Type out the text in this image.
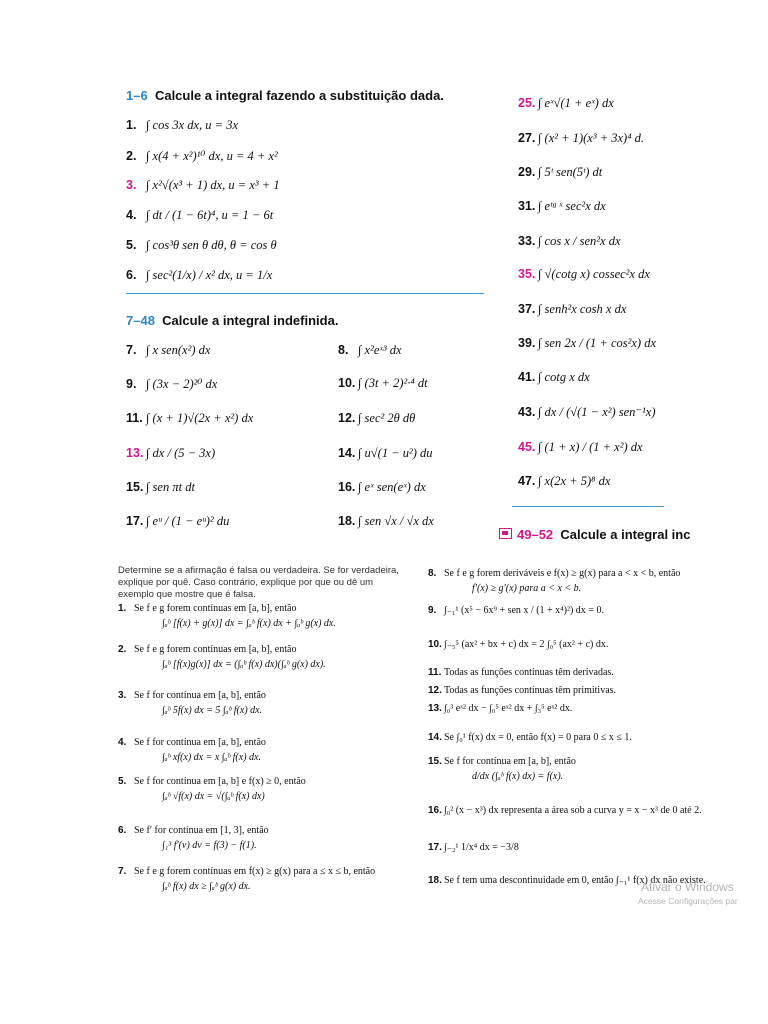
1–6 Calcule a integral fazendo a substituição dada.
1. ∫ cos 3x dx, u = 3x
2. ∫ x(4 + x²)¹⁰ dx, u = 4 + x²
3. ∫ x²√(x³ + 1) dx, u = x³ + 1
4. ∫ dt / (1 − 6t)⁴, u = 1 − 6t
5. ∫ cos³θ sen θ dθ, θ = cos θ
6. ∫ sec²(1/x) / x² dx, u = 1/x
7–48 Calcule a integral indefinida.
7. ∫ x sen(x²) dx
9. ∫ (3x − 2)²⁰ dx
11. ∫ (x + 1)√(2x + x²) dx
13. ∫ dx / (5 − 3x)
15. ∫ sen πt dt
17. ∫ eᵘ / (1 − eᵘ)² du
8. ∫ x²eˣ³ dx
10. ∫ (3t + 2)²·⁴ dt
12. ∫ sec² 2θ dθ
14. ∫ u√(1 − u²) du
16. ∫ eˣ sen(eˣ) dx
18. ∫ sen √x / √x dx
25. ∫ eˣ√(1 + eˣ) dx
27. ∫ (x² + 1)(x³ + 3x)⁴ d.
29. ∫ 5ᵗ sen(5ᵗ) dt
31. ∫ eᵗᵍ ˣ sec²x dx
33. ∫ cos x / sen²x dx
35. ∫ √(cotg x) cossec²x dx
37. ∫ senh²x cosh x dx
39. ∫ sen 2x / (1 + cos²x) dx
41. ∫ cotg x dx
43. ∫ dx / (√(1 − x²) sen⁻¹x)
45. ∫ (1 + x) / (1 + x²) dx
47. ∫ x(2x + 5)⁸ dx
49–52 Calcule a integral inc
Determine se a afirmação é falsa ou verdadeira. Se for verdadeira, explique por quê. Caso contrário, explique por que ou dê um exemplo que mostre que é falsa.
1. Se f e g forem contínuas em [a, b], então
∫ₐᵇ [f(x) + g(x)] dx = ∫ₐᵇ f(x) dx + ∫ₐᵇ g(x) dx.
2. Se f e g forem contínuas em [a, b], então
∫ₐᵇ [f(x)g(x)] dx = (∫ₐᵇ f(x) dx)(∫ₐᵇ g(x) dx).
3. Se f for contínua em [a, b], então
∫ₐᵇ 5f(x) dx = 5 ∫ₐᵇ f(x) dx.
4. Se f for contínua em [a, b], então
∫ₐᵇ xf(x) dx = x ∫ₐᵇ f(x) dx.
5. Se f for contínua em [a, b] e f(x) ≥ 0, então
∫ₐᵇ √f(x) dx = √(∫ₐᵇ f(x) dx)
6. Se f′ for contínua em [1, 3], então
∫₁³ f′(v) dv = f(3) − f(1).
7. Se f e g forem contínuas em f(x) ≥ g(x) para a ≤ x ≤ b, então
∫ₐᵇ f(x) dx ≥ ∫ₐᵇ g(x) dx.
8. Se f e g forem deriváveis e f(x) ≥ g(x) para a < x < b, então
f′(x) ≥ g′(x) para a < x < b.
9. ∫₋₁¹ (x⁵ − 6x⁹ + sen x / (1 + x⁴)²) dx = 0.
10. ∫₋₅⁵ (ax² + bx + c) dx = 2 ∫₀⁵ (ax² + c) dx.
11. Todas as funções contínuas têm derivadas.
12. Todas as funções contínuas têm primitivas.
13. ∫₀³ eˣ² dx − ∫₀⁵ eˣ² dx + ∫₃⁵ eˣ² dx.
14. Se ∫₀¹ f(x) dx = 0, então f(x) = 0 para 0 ≤ x ≤ 1.
15. Se f for contínua em [a, b], então
d/dx (∫ₐᵇ f(x) dx) = f(x).
16. ∫₀² (x − x³) dx representa a área sob a curva y = x − x³ de 0 até 2.
17. ∫₋₂¹ 1/x⁴ dx = −3/8
18. Se f tem uma descontinuidade em 0, então ∫₋₁¹ f(x) dx não existe.
Ativar o Windows
Acesse Configurações par
